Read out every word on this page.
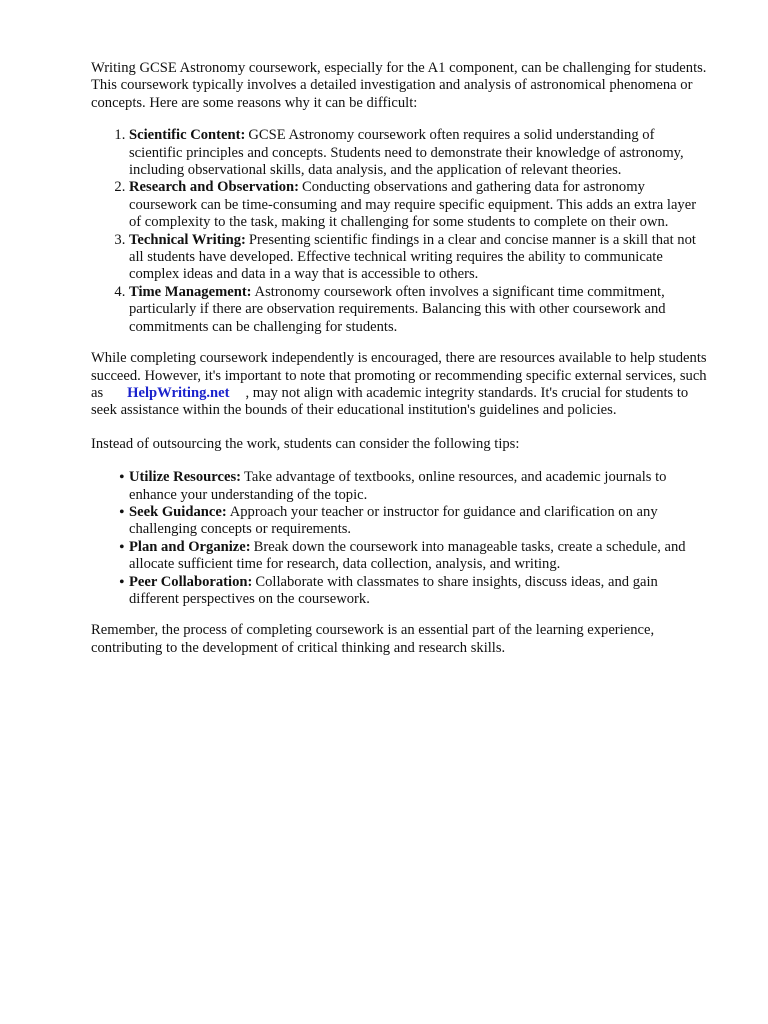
Writing GCSE Astronomy coursework, especially for the A1 component, can be challenging for students. This coursework typically involves a detailed investigation and analysis of astronomical phenomena or concepts. Here are some reasons why it can be difficult:

1. Scientific Content: GCSE Astronomy coursework often requires a solid understanding of scientific principles and concepts. Students need to demonstrate their knowledge of astronomy, including observational skills, data analysis, and the application of relevant theories.
2. Research and Observation: Conducting observations and gathering data for astronomy coursework can be time-consuming and may require specific equipment. This adds an extra layer of complexity to the task, making it challenging for some students to complete on their own.
3. Technical Writing: Presenting scientific findings in a clear and concise manner is a skill that not all students have developed. Effective technical writing requires the ability to communicate complex ideas and data in a way that is accessible to others.
4. Time Management: Astronomy coursework often involves a significant time commitment, particularly if there are observation requirements. Balancing this with other coursework and commitments can be challenging for students.

While completing coursework independently is encouraged, there are resources available to help students succeed. However, it's important to note that promoting or recommending specific external services, such as HelpWriting.net , may not align with academic integrity standards. It's crucial for students to seek assistance within the bounds of their educational institution's guidelines and policies.

Instead of outsourcing the work, students can consider the following tips:

• Utilize Resources: Take advantage of textbooks, online resources, and academic journals to enhance your understanding of the topic.
• Seek Guidance: Approach your teacher or instructor for guidance and clarification on any challenging concepts or requirements.
• Plan and Organize: Break down the coursework into manageable tasks, create a schedule, and allocate sufficient time for research, data collection, analysis, and writing.
• Peer Collaboration: Collaborate with classmates to share insights, discuss ideas, and gain different perspectives on the coursework.

Remember, the process of completing coursework is an essential part of the learning experience, contributing to the development of critical thinking and research skills.
